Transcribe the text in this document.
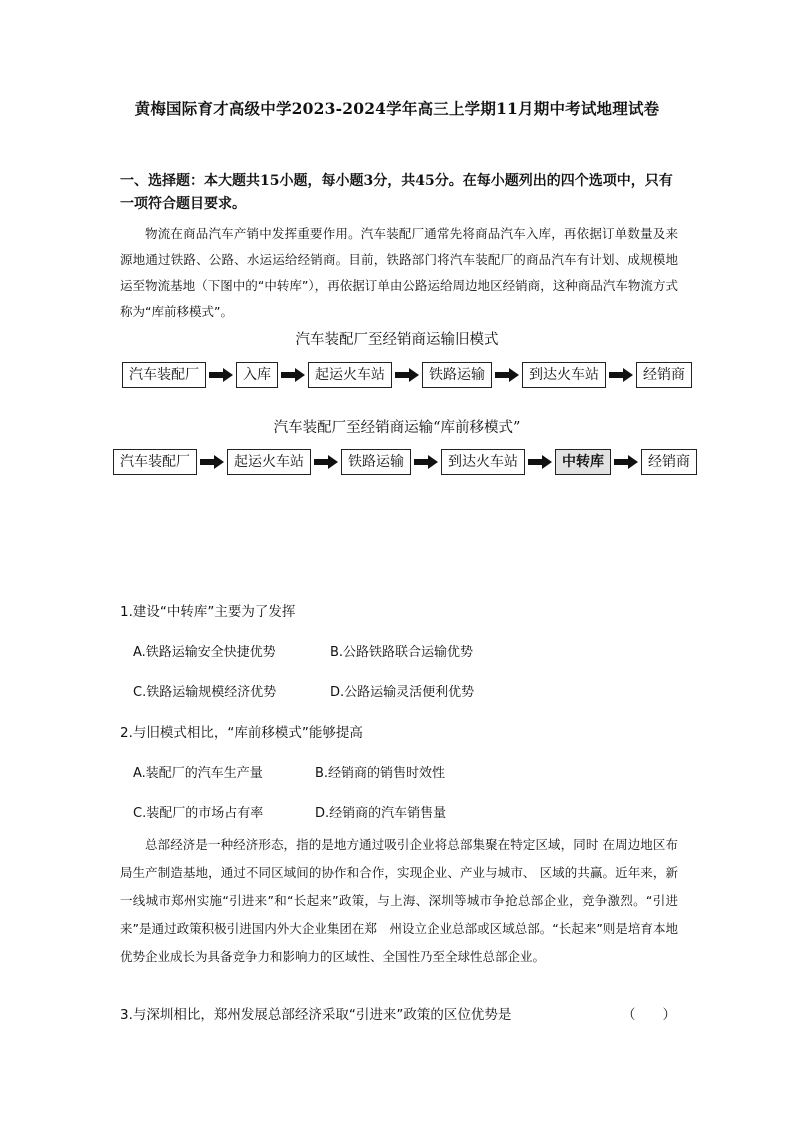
黄梅国际育才高级中学2023-2024学年高三上学期11月期中考试地理试卷
一、选择题：本大题共15小题，每小题3分，共45分。在每小题列出的四个选项中，只有一项符合题目要求。
物流在商品汽车产销中发挥重要作用。汽车装配厂通常先将商品汽车入库，再依据订单数量及来源地通过铁路、公路、水运运给经销商。目前，铁路部门将汽车装配厂的商品汽车有计划、成规模地运至物流基地（下图中的“中转库”），再依据订单由公路运给周边地区经销商，这种商品汽车物流方式称为“库前移模式”。
汽车装配厂至经销商运输旧模式
汽车装配厂	入库	起运火车站	铁路运输	到达火车站	经销商
汽车装配厂至经销商运输“库前移模式”
汽车装配厂	起运火车站	铁路运输	到达火车站	中转库	经销商
1.建设“中转库”主要为了发挥
A.铁路运输安全快捷优势	B.公路铁路联合运输优势
C.铁路运输规模经济优势	D.公路运输灵活便利优势
2.与旧模式相比，“库前移模式”能够提高
A.装配厂的汽车生产量	B.经销商的销售时效性
C.装配厂的市场占有率	D.经销商的汽车销售量
总部经济是一种经济形态，指的是地方通过吸引企业将总部集聚在特定区域，同时 在周边地区布局生产制造基地，通过不同区域间的协作和合作，实现企业、产业与城市、 区域的共赢。近年来，新一线城市郑州实施“引进来”和“长起来”政策，与上海、深圳等城市争抢总部企业，竞争激烈。“引进来”是通过政策积极引进国内外大企业集团在郑　州设立企业总部或区域总部。“长起来”则是培育本地优势企业成长为具备竞争力和影响力的区域性、全国性乃至全球性总部企业。
3.与深圳相比，郑州发展总部经济采取“引进来”政策的区位优势是	（　　）
